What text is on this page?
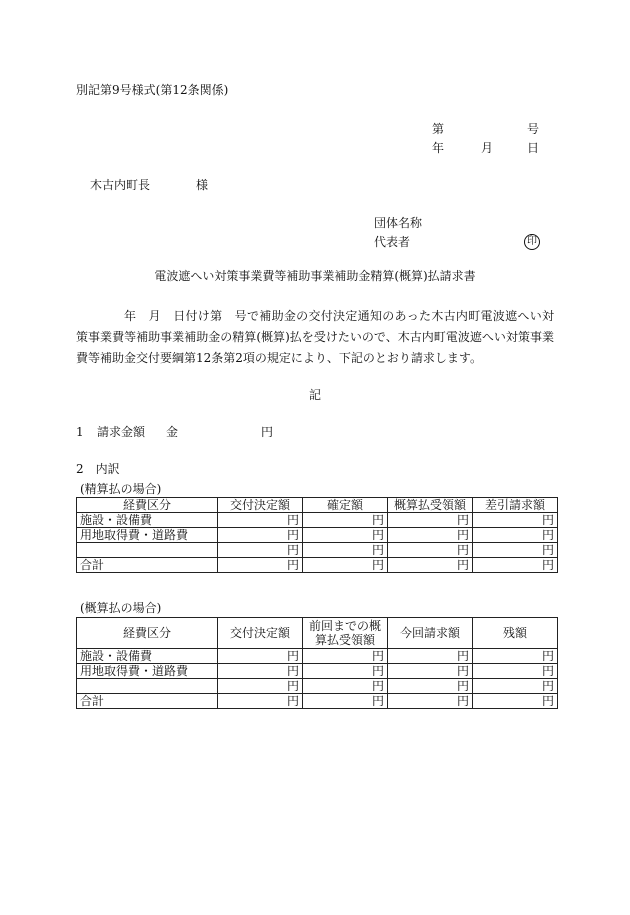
別記第9号様式(第12条関係)
第	号
年	月	日
木古内町長	様
団体名称
代表者	印
電波遮へい対策事業費等補助事業補助金精算(概算)払請求書
年　月　日付け第　号で補助金の交付決定通知のあった木古内町電波遮へい対策事業費等補助事業補助金の精算(概算)払を受けたいので、木古内町電波遮へい対策事業費等補助金交付要綱第12条第2項の規定により、下記のとおり請求します。
記
1 請求金額 金	円
2　 内訳
(精算払の場合)
経費区分	交付決定額	確定額	概算払受領額	差引請求額
施設・設備費	円	円	円	円
用地取得費・道路費	円	円	円	円
	円	円	円	円
合計	円	円	円	円
(概算払の場合)
経費区分	交付決定額	前回までの概算払受領額	今回請求額	残額
施設・設備費	円	円	円	円
用地取得費・道路費	円	円	円	円
	円	円	円	円
合計	円	円	円	円
